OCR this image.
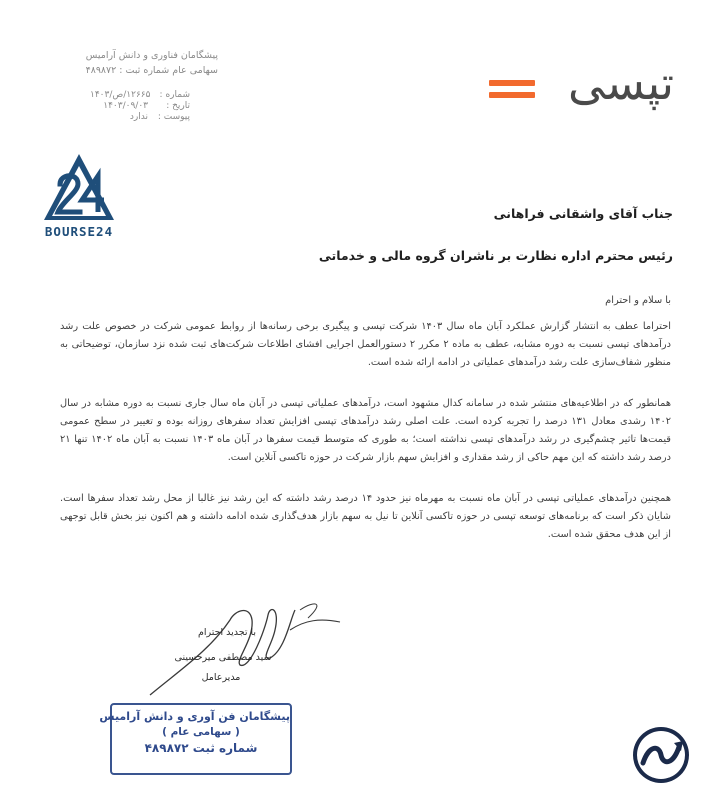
پیشگامان فناوری و دانش آرامیس
سهامی عام شماره ثبت : ۴۸۹۸۷۲
شماره :
۱۲۶۶۵/ص/۱۴۰۳
تاریخ :
۱۴۰۳/۰۹/۰۳
پیوست :
ندارد
تپسی
BOURSE24
جناب آقای واشقانی فراهانی
رئیس محترم اداره نظارت بر ناشران گروه مالی و خدماتی
با سلام و احترام
احتراما عطف به انتشار گزارش عملکرد آبان ماه سال ۱۴۰۳ شرکت تپسی و پیگیری برخی رسانه‌ها از روابط عمومی شرکت در خصوص علت رشد درآمدهای تپسی نسبت به دوره مشابه، عطف به ماده ۲ مکرر ۲ دستورالعمل اجرایی افشای اطلاعات شرکت‌های ثبت شده نزد سازمان، توضیحاتی به منظور شفاف‌سازی علت رشد درآمدهای عملیاتی در ادامه ارائه شده است.
همانطور که در اطلاعیه‌های منتشر شده در سامانه کدال مشهود است، درآمدهای عملیاتی تپسی در آبان ماه سال جاری نسبت به دوره مشابه در سال ۱۴۰۲ رشدی معادل ۱۳۱ درصد را تجربه کرده است. علت اصلی رشد درآمدهای تپسی افزایش تعداد سفرهای روزانه بوده و تغییر در سطح عمومی قیمت‌ها تاثیر چشم‌گیری در رشد درآمدهای تپسی نداشته است؛ به طوری که متوسط قیمت سفرها در آبان ماه ۱۴۰۳ نسبت به آبان ماه ۱۴۰۲ تنها ۲۱ درصد رشد داشته که این مهم حاکی از رشد مقداری و افزایش سهم بازار شرکت در حوزه تاکسی آنلاین است.
همچنین درآمدهای عملیاتی تپسی در آبان ماه نسبت به مهرماه نیز حدود ۱۴ درصد رشد داشته که این رشد نیز غالبا از محل رشد تعداد سفرها است. شایان ذکر است که برنامه‌های توسعه تپسی در حوزه تاکسی آنلاین تا نیل به سهم بازار هدف‌گذاری شده ادامه داشته و هم اکنون نیز بخش قابل توجهی از این هدف محقق شده است.
با تجدید احترام
سید مصطفی میرحسینی
مدیرعامل
پیشگامان فن آوری و دانش آرامیس
( سهامی عام )
شماره ثبت ۴۸۹۸۷۲
